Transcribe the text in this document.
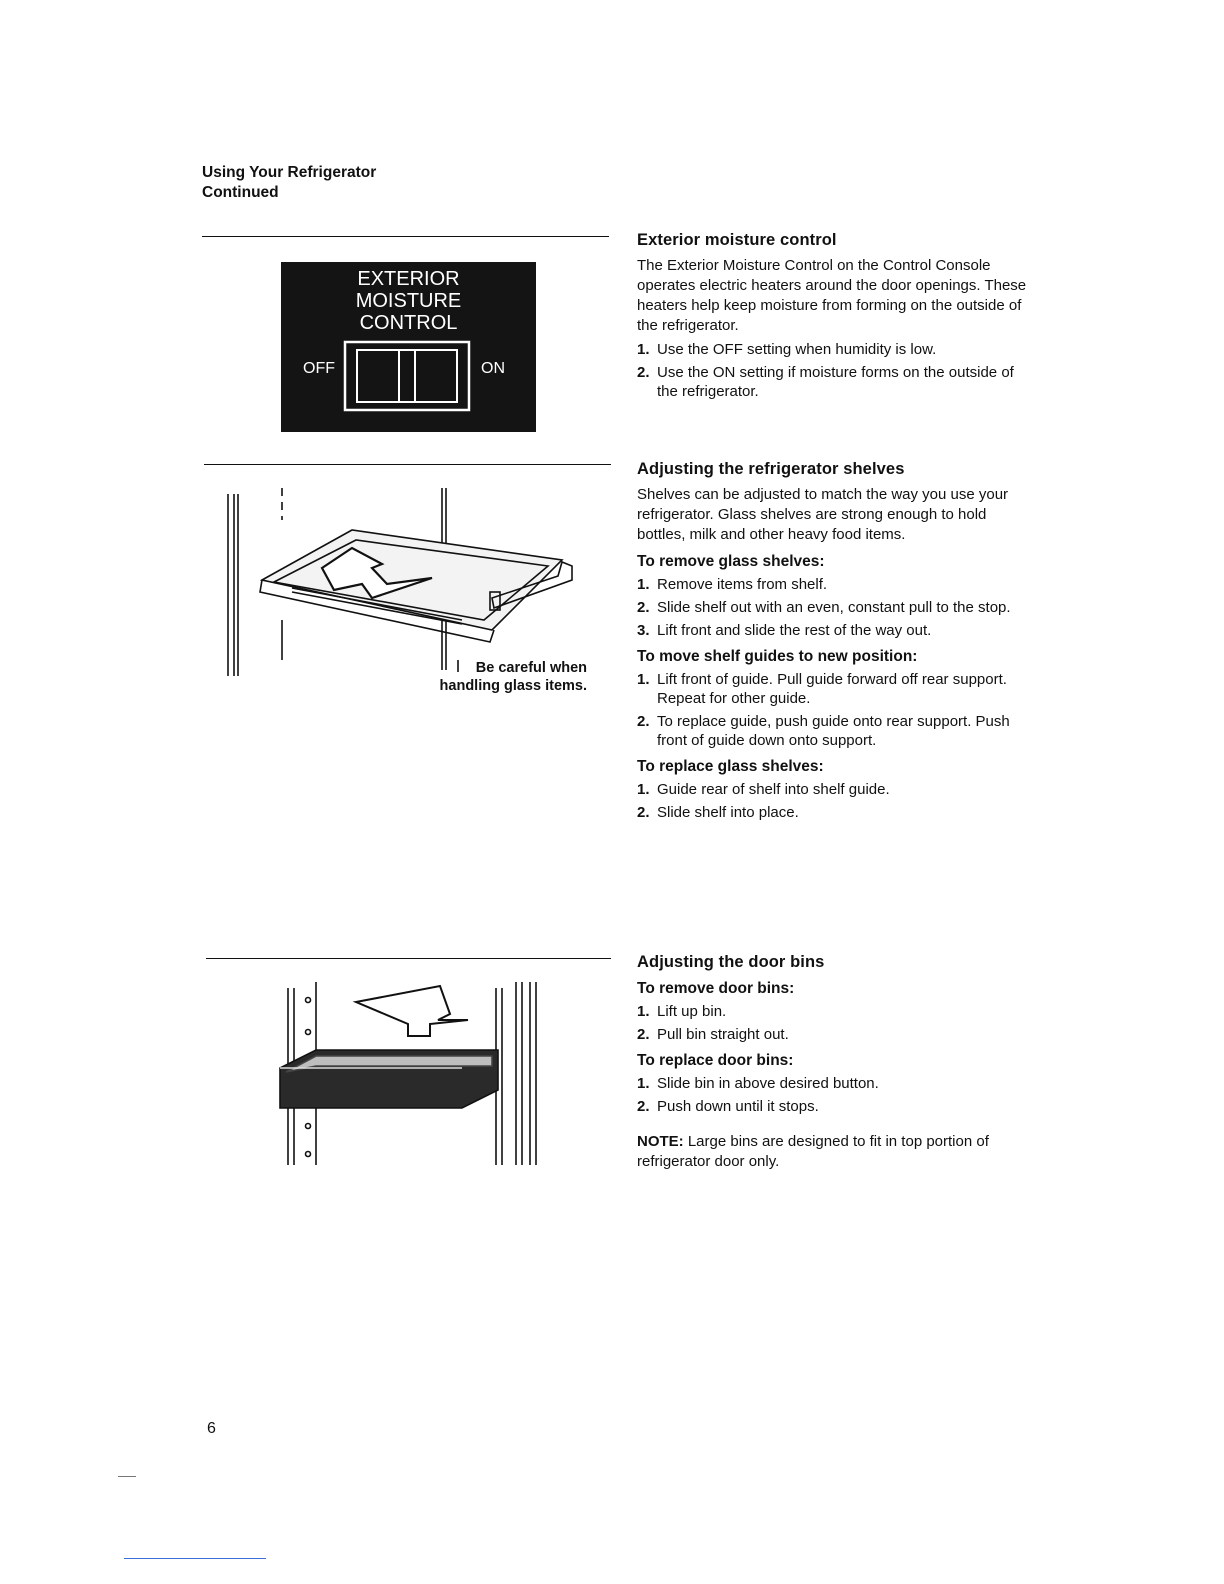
Using Your Refrigerator
Continued
EXTERIOR
MOISTURE
CONTROL
OFF	ON
Be careful when
handling glass items.
Exterior moisture control

The Exterior Moisture Control on the Control Console operates electric heaters around the door openings. These heaters help keep moisture from forming on the outside of the refrigerator.

1. Use the OFF setting when humidity is low.
2. Use the ON setting if moisture forms on the outside of the refrigerator.
Adjusting the refrigerator shelves

Shelves can be adjusted to match the way you use your refrigerator. Glass shelves are strong enough to hold bottles, milk and other heavy food items.

To remove glass shelves:
1. Remove items from shelf.
2. Slide shelf out with an even, constant pull to the stop.
3. Lift front and slide the rest of the way out.
To move shelf guides to new position:
1. Lift front of guide. Pull guide forward off rear support. Repeat for other guide.
2. To replace guide, push guide onto rear support. Push front of guide down onto support.
To replace glass shelves:
1. Guide rear of shelf into shelf guide.
2. Slide shelf into place.
Adjusting the door bins
To remove door bins:
1. Lift up bin.
2. Pull bin straight out.
To replace door bins:
1. Slide bin in above desired button.
2. Push down until it stops.

NOTE: Large bins are designed to fit in top portion of refrigerator door only.

6
